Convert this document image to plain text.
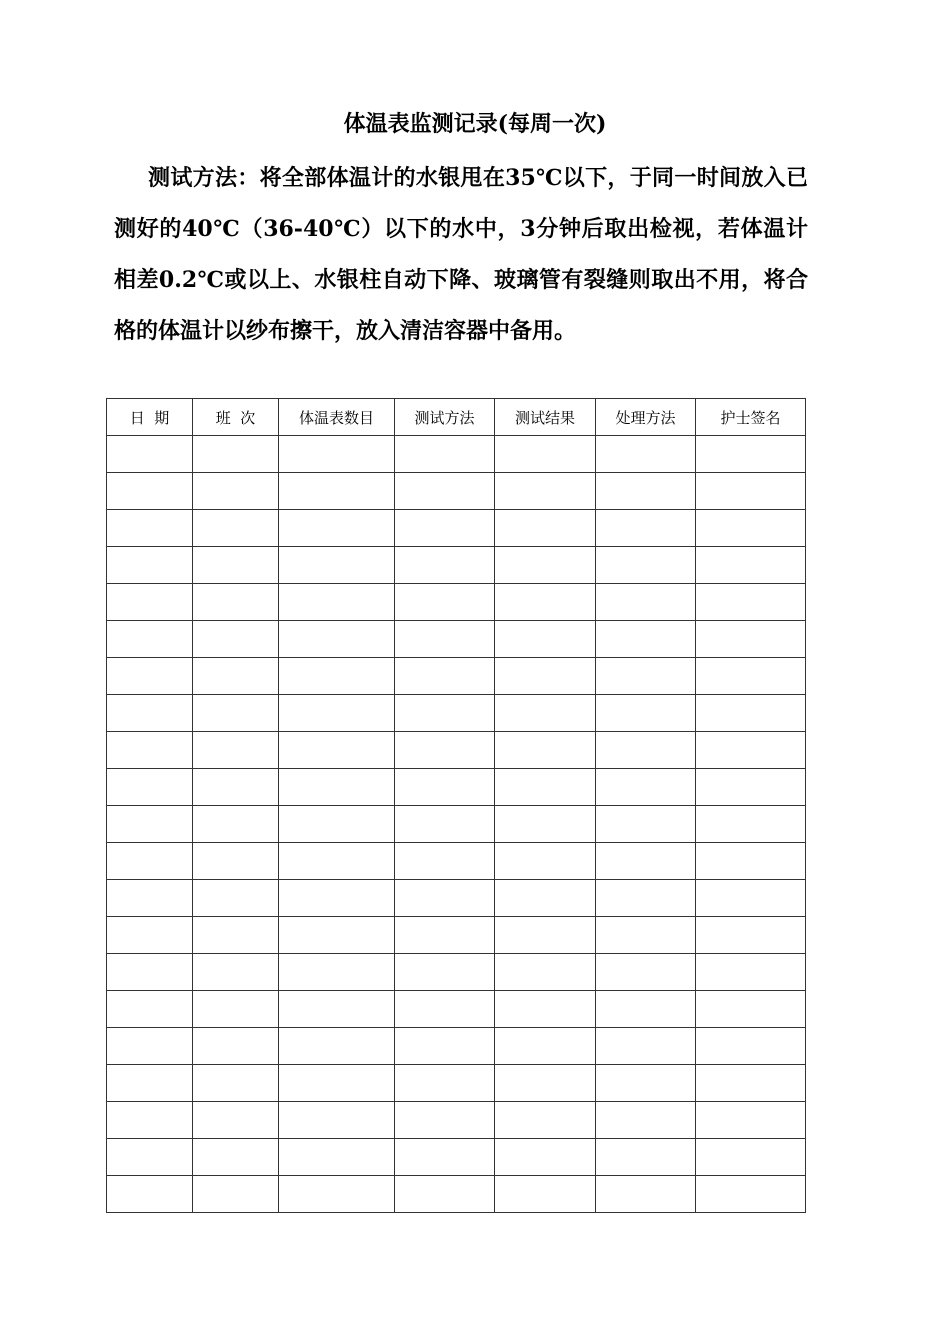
体温表监测记录(每周一次)

测试方法：将全部体温计的水银甩在35℃以下，于同一时间放入已测好的40℃（36-40℃）以下的水中，3分钟后取出检视，若体温计相差0.2℃或以上、水银柱自动下降、玻璃管有裂缝则取出不用，将合格的体温计以纱布擦干，放入清洁容器中备用。

日  期	班  次	体温表数目	测试方法	测试结果	处理方法	护士签名
